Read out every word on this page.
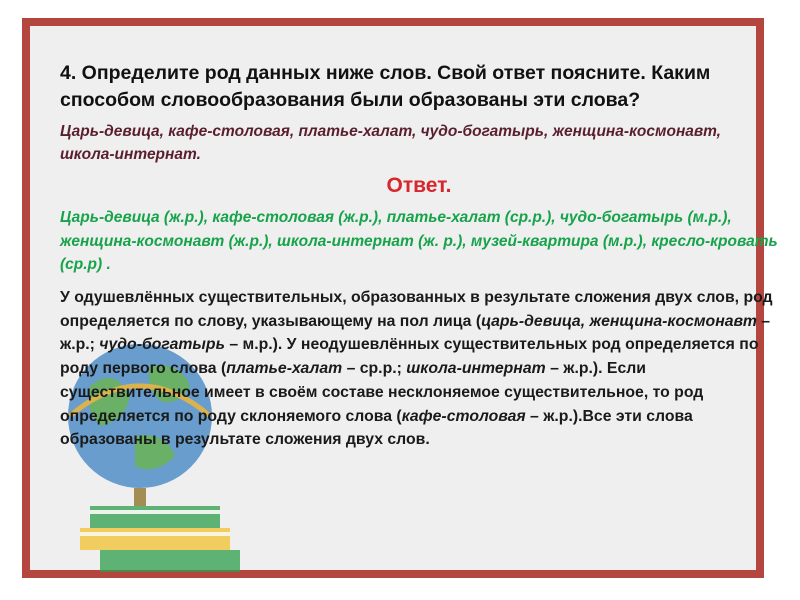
4. Определите род данных ниже слов. Свой ответ поясните. Каким способом словообразования были образованы эти слова?

Царь-девица, кафе-столовая, платье-халат, чудо-богатырь, женщина-космонавт, школа-интернат.

Ответ.

Царь-девица (ж.р.), кафе-столовая (ж.р.), платье-халат (ср.р.), чудо-богатырь (м.р.), женщина-космонавт (ж.р.), школа-интернат (ж. р.), музей-квартира (м.р.), кресло-кровать (ср.р) .

У одушевлённых существительных, образованных в результате сложения двух слов, род определяется по слову, указывающему на пол лица (царь-девица, женщина-космонавт – ж.р.; чудо-богатырь – м.р.). У неодушевлённых существительных род определяется по роду первого слова (платье-халат – ср.р.; школа-интернат – ж.р.). Если существительное имеет в своём составе несклоняемое существительное, то род определяется по роду склоняемого слова (кафе-столовая – ж.р.).Все эти слова образованы в результате сложения двух слов.
